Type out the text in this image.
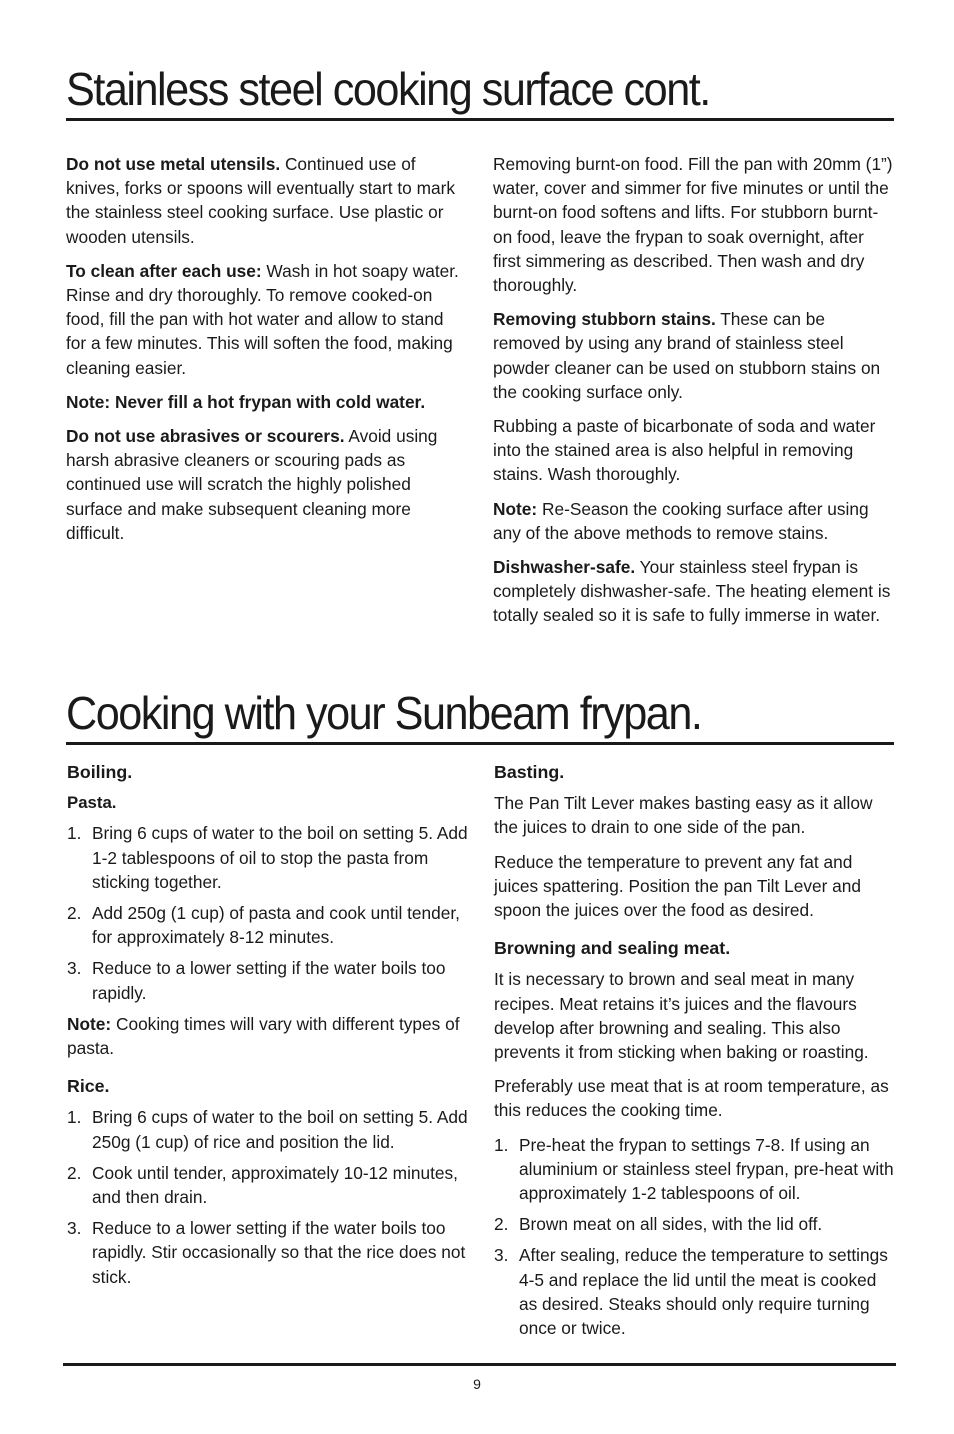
Stainless steel cooking surface cont.

Do not use metal utensils. Continued use of knives, forks or spoons will eventually start to mark the stainless steel cooking surface. Use plastic or wooden utensils.

To clean after each use: Wash in hot soapy water. Rinse and dry thoroughly. To remove cooked-on food, fill the pan with hot water and allow to stand for a few minutes. This will soften the food, making cleaning easier.

Note: Never fill a hot frypan with cold water.

Do not use abrasives or scourers. Avoid using harsh abrasive cleaners or scouring pads as continued use will scratch the highly polished surface and make subsequent cleaning more difficult.

Removing burnt-on food. Fill the pan with 20mm (1”) water, cover and simmer for five minutes or until the burnt-on food softens and lifts. For stubborn burnt-on food, leave the frypan to soak overnight, after first simmering as described. Then wash and dry thoroughly.

Removing stubborn stains. These can be removed by using any brand of stainless steel powder cleaner can be used on stubborn stains on the cooking surface only.

Rubbing a paste of bicarbonate of soda and water into the stained area is also helpful in removing stains. Wash thoroughly.

Note: Re-Season the cooking surface after using any of the above methods to remove stains.

Dishwasher-safe. Your stainless steel frypan is completely dishwasher-safe. The heating element is totally sealed so it is safe to fully immerse in water.

Cooking with your Sunbeam frypan.
Boiling.
Pasta.
1. Bring 6 cups of water to the boil on setting 5. Add 1-2 tablespoons of oil to stop the pasta from sticking together.
2. Add 250g (1 cup) of pasta and cook until tender, for approximately 8-12 minutes.
3. Reduce to a lower setting if the water boils too rapidly.

Note: Cooking times will vary with different types of pasta.

Rice.
1. Bring 6 cups of water to the boil on setting 5. Add 250g (1 cup) of rice and position the lid.
2. Cook until tender, approximately 10-12 minutes, and then drain.
3. Reduce to a lower setting if the water boils too rapidly. Stir occasionally so that the rice does not stick.
Basting.

The Pan Tilt Lever makes basting easy as it allow the juices to drain to one side of the pan.

Reduce the temperature to prevent any fat and juices spattering. Position the pan Tilt Lever and spoon the juices over the food as desired.

Browning and sealing meat.

It is necessary to brown and seal meat in many recipes. Meat retains it’s juices and the flavours develop after browning and sealing. This also prevents it from sticking when baking or roasting.

Preferably use meat that is at room temperature, as this reduces the cooking time.

1. Pre-heat the frypan to settings 7-8. If using an aluminium or stainless steel frypan, pre-heat with approximately 1-2 tablespoons of oil.
2. Brown meat on all sides, with the lid off.
3. After sealing, reduce the temperature to settings 4-5 and replace the lid until the meat is cooked as desired. Steaks should only require turning once or twice.
9
